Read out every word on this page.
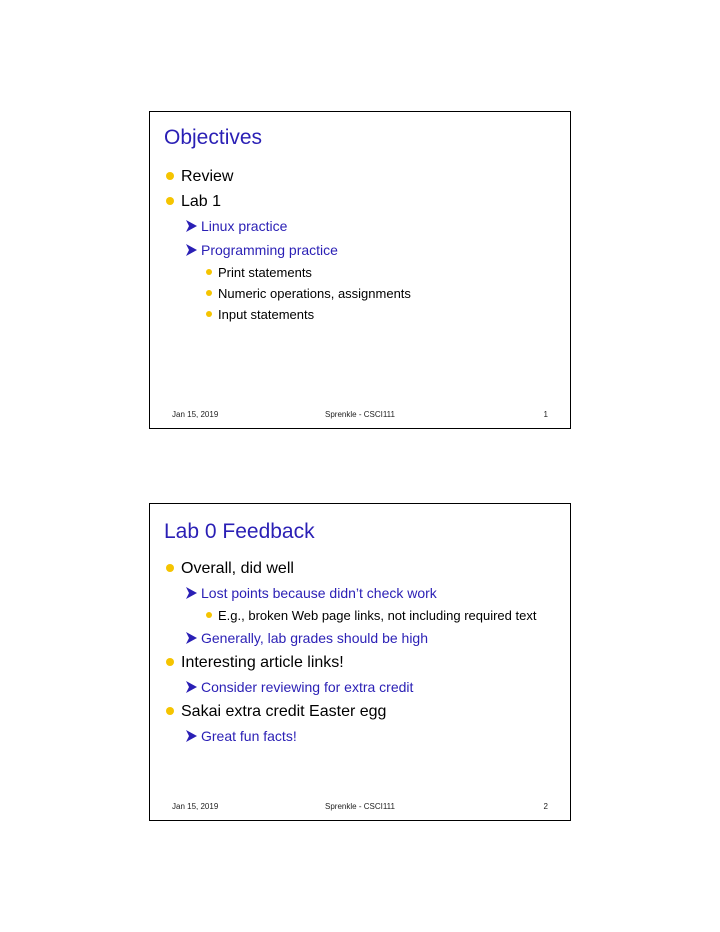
Objectives
Review
Lab 1
Linux practice
Programming practice
Print statements
Numeric operations, assignments
Input statements
Jan 15, 2019	Sprenkle - CSCI111	1
Lab 0 Feedback
Overall, did well
Lost points because didn’t check work
E.g., broken Web page links, not including required text
Generally, lab grades should be high
Interesting article links!
Consider reviewing for extra credit
Sakai extra credit Easter egg
Great fun facts!
Jan 15, 2019	Sprenkle - CSCI111	2
